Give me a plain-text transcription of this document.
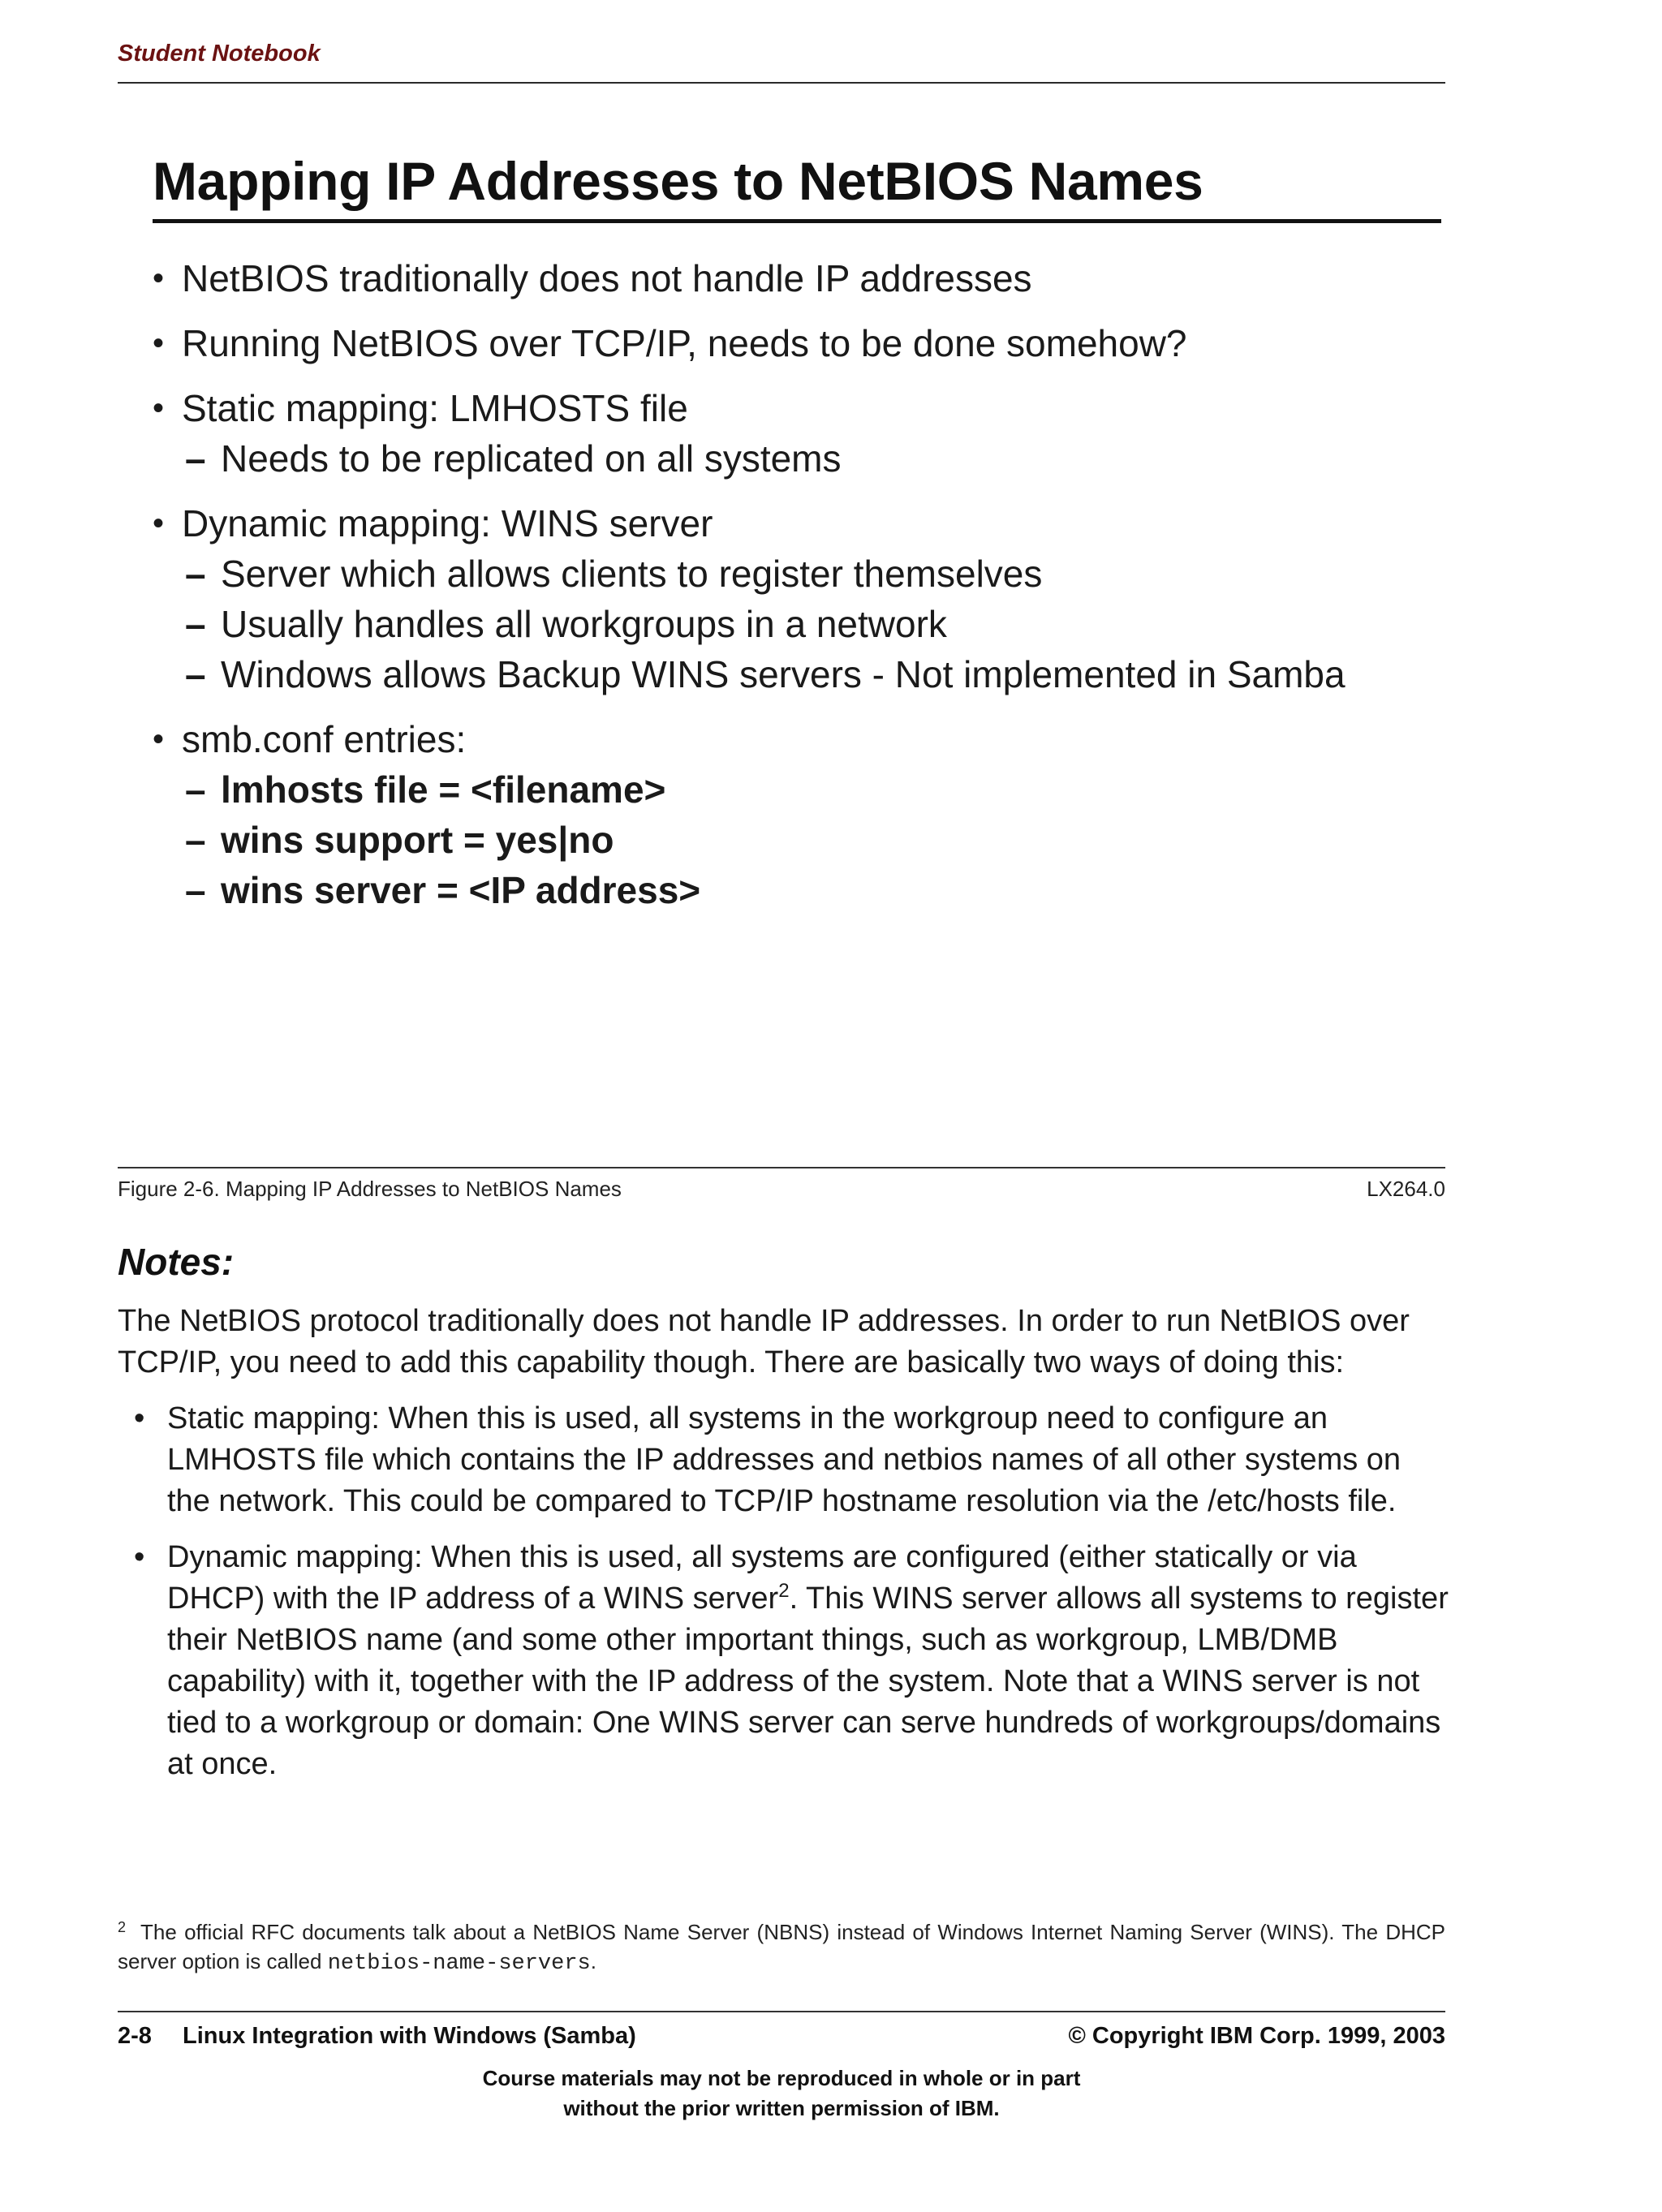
Student Notebook
Mapping IP Addresses to NetBIOS Names
• NetBIOS traditionally does not handle IP addresses
• Running NetBIOS over TCP/IP, needs to be done somehow?
• Static mapping: LMHOSTS file
– Needs to be replicated on all systems
• Dynamic mapping: WINS server
– Server which allows clients to register themselves
– Usually handles all workgroups in a network
– Windows allows Backup WINS servers - Not implemented in Samba
• smb.conf entries:
– lmhosts file = <filename>
– wins support = yes|no
– wins server = <IP address>
Figure 2-6. Mapping IP Addresses to NetBIOS Names	LX264.0
Notes:

The NetBIOS protocol traditionally does not handle IP addresses. In order to run NetBIOS over TCP/IP, you need to add this capability though. There are basically two ways of doing this:

• Static mapping: When this is used, all systems in the workgroup need to configure an LMHOSTS file which contains the IP addresses and netbios names of all other systems on the network. This could be compared to TCP/IP hostname resolution via the /etc/hosts file.
• Dynamic mapping: When this is used, all systems are configured (either statically or via DHCP) with the IP address of a WINS server$^2$. This WINS server allows all systems to register their NetBIOS name (and some other important things, such as workgroup, LMB/DMB capability) with it, together with the IP address of the system. Note that a WINS server is not tied to a workgroup or domain: One WINS server can serve hundreds of workgroups/domains at once.
$^2$ The official RFC documents talk about a NetBIOS Name Server (NBNS) instead of Windows Internet Naming Server (WINS). The DHCP server option is called netbios-name-servers.
2-8 Linux Integration with Windows (Samba)	© Copyright IBM Corp. 1999, 2003
Course materials may not be reproduced in whole or in part
without the prior written permission of IBM.
